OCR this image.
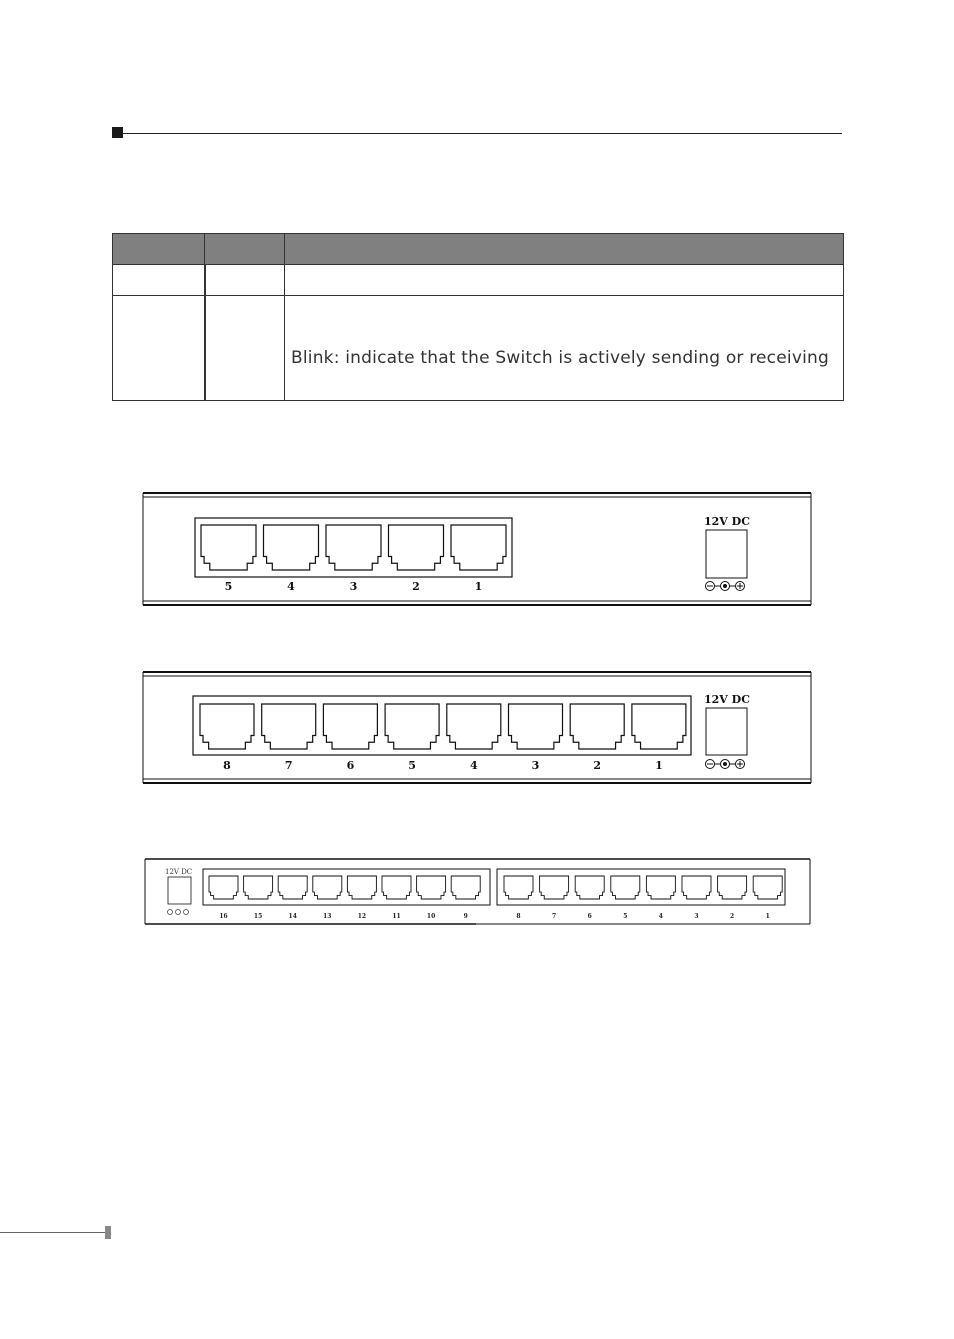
		Blink: indicate that the Switch is actively sending or receiving
5	4	3	2	1
12V DC
8	7	6	5	4	3	2	1
12V DC
12V DC
16	15	14	13	12	11	10	9	8	7	6	5	4	3	2	1
